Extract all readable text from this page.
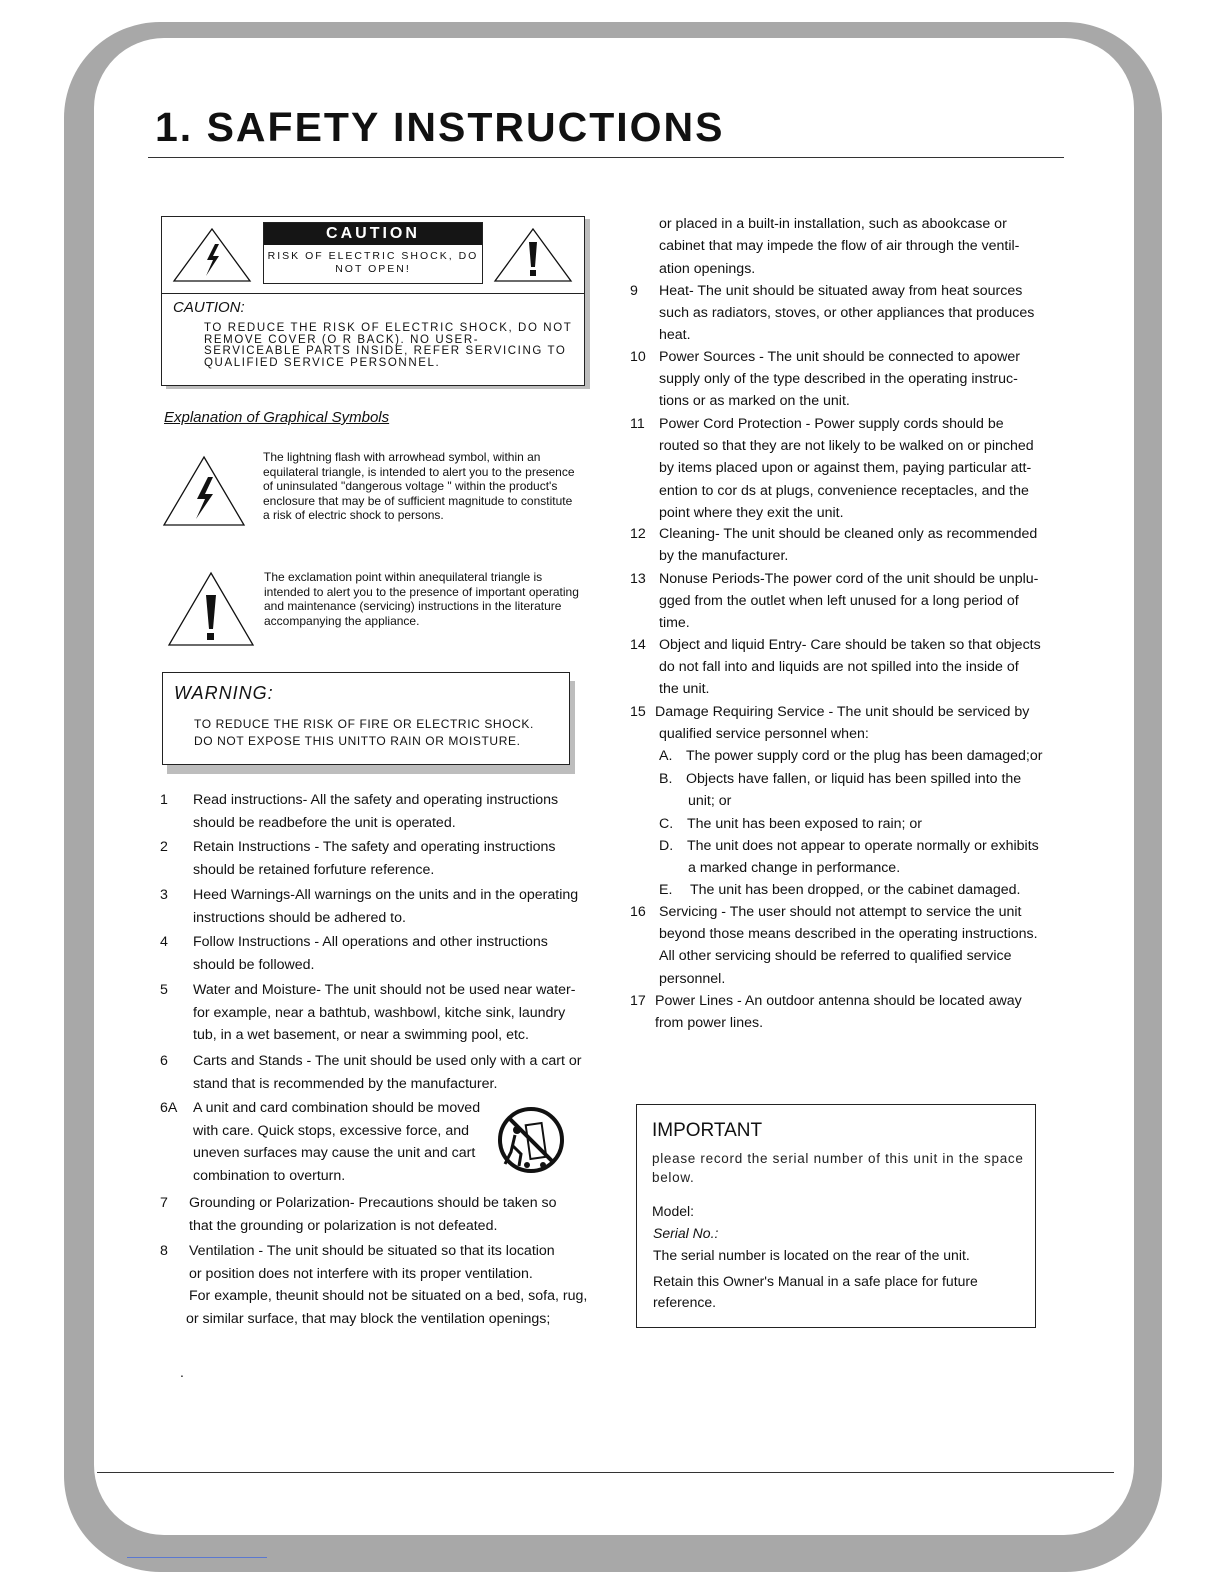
1. SAFETY INSTRUCTIONS
CAUTION
RISK OF ELECTRIC SHOCK, DO NOT OPEN!
CAUTION:
TO REDUCE THE RISK OF ELECTRIC SHOCK, DO NOT REMOVE COVER (O R BACK). NO USER-SERVICEABLE PARTS INSIDE, REFER SERVICING TO QUALIFIED SERVICE PERSONNEL.
Explanation of Graphical Symbols
The lightning flash with arrowhead symbol, within an equilateral triangle, is intended to alert you to the presence of uninsulated "dangerous voltage " within the product's enclosure that may be of sufficient magnitude to constitute a risk of electric shock to persons.
The exclamation point within anequilateral triangle is intended to alert you to the presence of important operating and maintenance (servicing) instructions in the literature accompanying the appliance.
WARNING:
TO REDUCE THE RISK OF FIRE OR ELECTRIC SHOCK.
DO NOT EXPOSE THIS UNITTO RAIN OR MOISTURE.
1 Read instructions- All the safety and operating instructions
should be readbefore the unit is operated.
2 Retain Instructions - The safety and operating instructions
should be retained forfuture reference.
3 Heed Warnings-All warnings on the units and in the operating
instructions should be adhered to.
4 Follow Instructions - All operations and other instructions
should be followed.
5 Water and Moisture- The unit should not be used near water-
for example, near a bathtub, washbowl, kitche sink, laundry
tub, in a wet basement, or near a swimming pool, etc.
6 Carts and Stands - The unit should be used only with a cart or
stand that is recommended by the manufacturer.
6A A unit and card combination should be moved
with care. Quick stops, excessive force, and
uneven surfaces may cause the unit and cart
combination to overturn.
7 Grounding or Polarization- Precautions should be taken so
that the grounding or polarization is not defeated.
8 Ventilation - The unit should be situated so that its location
or position does not interfere with its proper ventilation.
For example, theunit should not be situated on a bed, sofa, rug,
or similar surface, that may block the ventilation openings;
or placed in a built-in installation, such as abookcase or
cabinet that may impede the flow of air through the ventil-
ation openings.
9 Heat- The unit should be situated away from heat sources
such as radiators, stoves, or other appliances that produces
heat.
10 Power Sources - The unit should be connected to apower
supply only of the type described in the operating instruc-
tions or as marked on the unit.
11 Power Cord Protection - Power supply cords should be
routed so that they are not likely to be walked on or pinched
by items placed upon or against them, paying particular att-
ention to cor ds at plugs, convenience receptacles, and the
point where they exit the unit.
12 Cleaning- The unit should be cleaned only as recommended
by the manufacturer.
13 Nonuse Periods-The power cord of the unit should be unplu-
gged from the outlet when left unused for a long period of
time.
14 Object and liquid Entry- Care should be taken so that objects
do not fall into and liquids are not spilled into the inside of
the unit.
15 Damage Requiring Service - The unit should be serviced by
qualified service personnel when:
A. The power supply cord or the plug has been damaged;or
B. Objects have fallen, or liquid has been spilled into the
unit; or
C. The unit has been exposed to rain; or
D. The unit does not appear to operate normally or exhibits
a marked change in performance.
E. The unit has been dropped, or the cabinet damaged.
16 Servicing - The user should not attempt to service the unit
beyond those means described in the operating instructions.
All other servicing should be referred to qualified service
personnel.
17 Power Lines - An outdoor antenna should be located away
from power lines.
IMPORTANT
please record the serial number of this unit in the space below.
Model:
Serial No.:
The serial number is located on the rear of the unit.
Retain this Owner's Manual in a safe place for future reference.
.
